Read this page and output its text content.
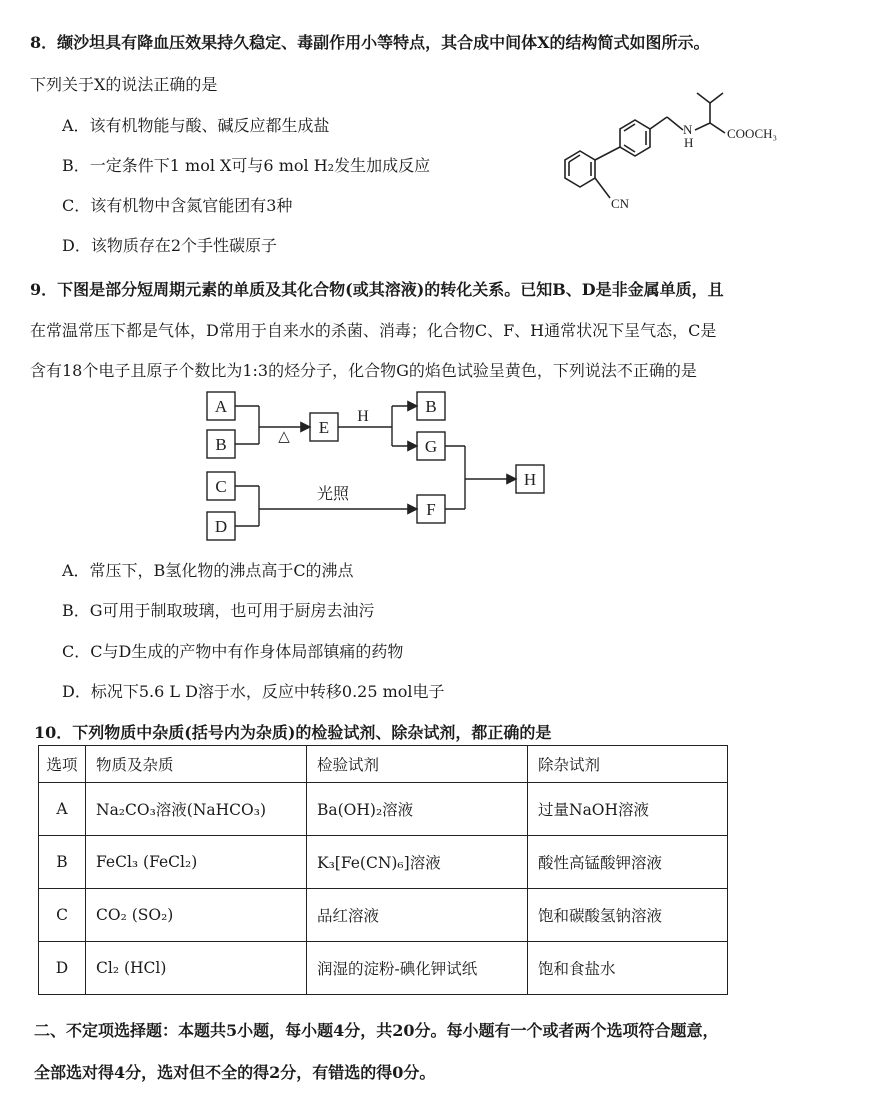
8．缬沙坦具有降血压效果持久稳定、毒副作用小等特点，其合成中间体X的结构简式如图所示。
下列关于X的说法正确的是
A．该有机物能与酸、碱反应都生成盐
B．一定条件下1 mol X可与6 mol H₂发生加成反应
C．该有机物中含氮官能团有3种
D．该物质存在2个手性碳原子
N
H
COOCH₃
CN
9．下图是部分短周期元素的单质及其化合物(或其溶液)的转化关系。已知B、D是非金属单质，且
在常温常压下都是气体，D常用于自来水的杀菌、消毒；化合物C、F、H通常状况下呈气态，C是
含有18个电子且原子个数比为1:3的烃分子，化合物G的焰色试验呈黄色，下列说法不正确的是
A
B
C
D
E
B
G
F
H
△
H
光照
A．常压下，B氢化物的沸点高于C的沸点
B．G可用于制取玻璃，也可用于厨房去油污
C．C与D生成的产物中有作身体局部镇痛的药物
D．标况下5.6 L D溶于水，反应中转移0.25 mol电子
10．下列物质中杂质(括号内为杂质)的检验试剂、除杂试剂，都正确的是
选项	物质及杂质	检验试剂	除杂试剂
A	Na₂CO₃溶液(NaHCO₃)	Ba(OH)₂溶液	过量NaOH溶液
B	FeCl₃ (FeCl₂)	K₃[Fe(CN)₆]溶液	酸性高锰酸钾溶液
C	CO₂ (SO₂)	品红溶液	饱和碳酸氢钠溶液
D	Cl₂ (HCl)	润湿的淀粉-碘化钾试纸	饱和食盐水
二、不定项选择题：本题共5小题，每小题4分，共20分。每小题有一个或者两个选项符合题意，
全部选对得4分，选对但不全的得2分，有错选的得0分。
